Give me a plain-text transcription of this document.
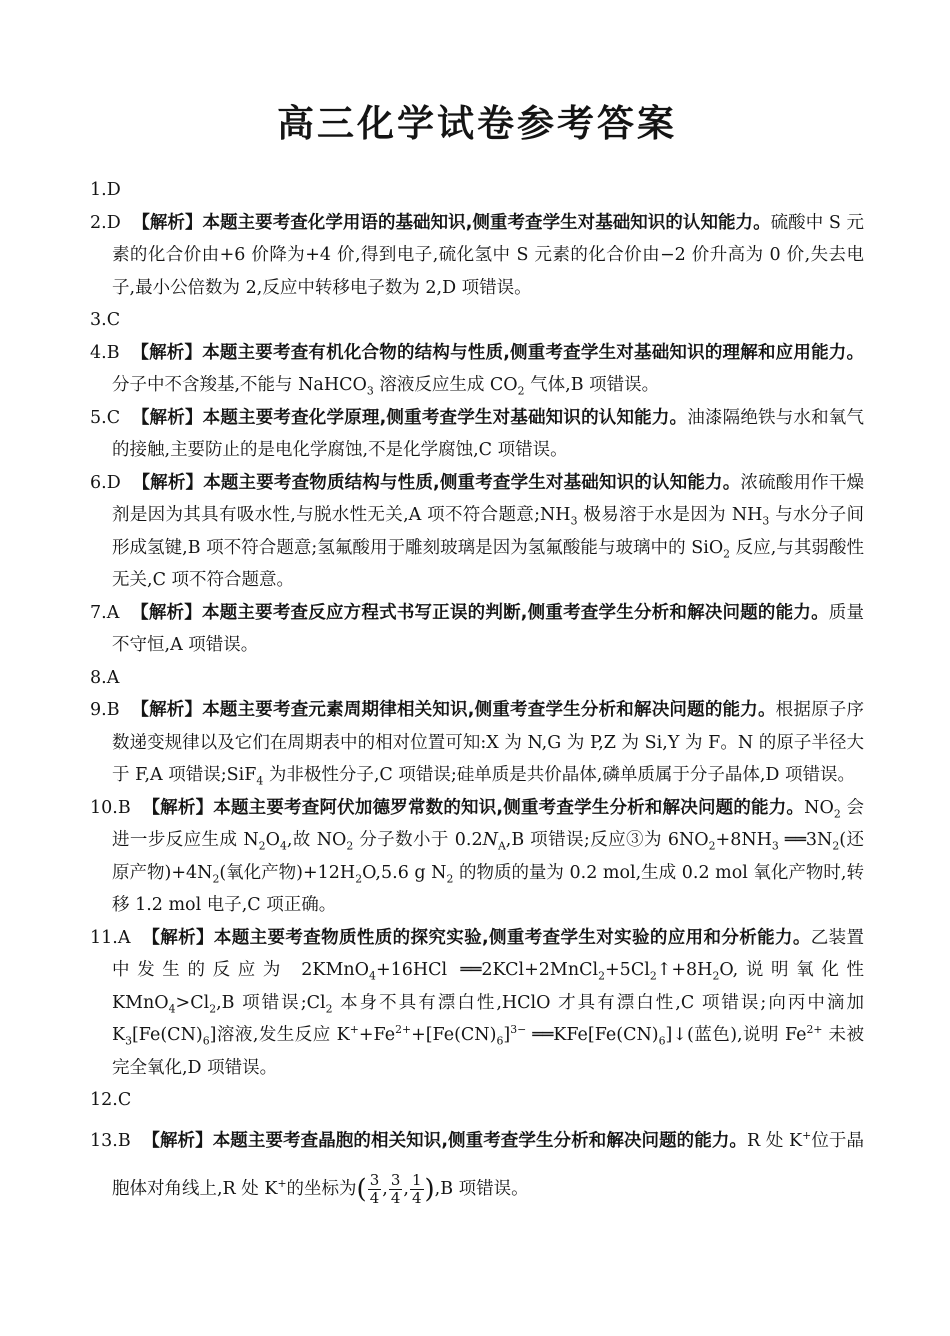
高三化学试卷参考答案

1.D

2.D 【解析】本题主要考查化学用语的基础知识,侧重考查学生对基础知识的认知能力。硫酸中 S 元素的化合价由+6 价降为+4 价,得到电子,硫化氢中 S 元素的化合价由−2 价升高为 0 价,失去电子,最小公倍数为 2,反应中转移电子数为 2,D 项错误。

3.C

4.B 【解析】本题主要考查有机化合物的结构与性质,侧重考查学生对基础知识的理解和应用能力。分子中不含羧基,不能与 NaHCO$_3$ 溶液反应生成 $CO_2$ 气体,B 项错误。

5.C 【解析】本题主要考查化学原理,侧重考查学生对基础知识的认知能力。油漆隔绝铁与水和氧气的接触,主要防止的是电化学腐蚀,不是化学腐蚀,C 项错误。

6.D 【解析】本题主要考查物质结构与性质,侧重考查学生对基础知识的认知能力。浓硫酸用作干燥剂是因为其具有吸水性,与脱水性无关,A 项不符合题意$;NH_3$ 极易溶于水是因为 $NH_3$ 与水分子间形成氢键,B 项不符合题意;氢氟酸用于雕刻玻璃是因为氢氟酸能与玻璃中的 SiO$_2$ 反应,与其弱酸性无关,C 项不符合题意。

7.A 【解析】本题主要考查反应方程式书写正误的判断,侧重考查学生分析和解决问题的能力。质量不守恒,A 项错误。

8.A

9.B 【解析】本题主要考查元素周期律相关知识,侧重考查学生分析和解决问题的能力。根据原子序数递变规律以及它们在周期表中的相对位置可知:X 为 N,G 为 P,Z 为 Si,Y 为 F。N 的原子半径大于 F,A 项错误;SiF$_4$ 为非极性分子,C 项错误;硅单质是共价晶体,磷单质属于分子晶体,D 项错误。

10.B 【解析】本题主要考查阿伏加德罗常数的知识,侧重考查学生分析和解决问题的能力。$NO_2$ 会进一步反应生成 $N_2O_4$,故 $NO_2$ 分子数小于 $0.2N_A,B$ 项错误;反应③为 $6NO_2+8NH_3$ $══3N_2$(还原产物)$+4N_2$(氧化产物)$+12H_2O,5.6$ g $N_2$ 的物质的量为 0.2 mol,生成 0.2 mol 氧化产物时,转移 1.2 mol 电子,C 项正确。

11.A 【解析】本题主要考查物质性质的探究实验,侧重考查学生对实验的应用和分析能力。乙装置中发生的反应为 2KMnO$_4$+16HCl $══2KCl+2MnCl_2+5Cl_2↑+8H_2O$,说明氧化性 $KMnO_4>Cl_2,B$ 项错误$;Cl_2$ 本身不具有漂白性,HClO 才具有漂白性,C 项错误;向丙中滴加 $K_3[Fe(CN)_6]$溶液,发生反应 $K^++Fe^{2+}+[Fe(CN)_6]^{3-}$ $══KFe[Fe(CN)_6]↓$(蓝色),说明 $Fe^{2+}$ 未被完全氧化,D 项错误。

12.C

13.B 【解析】本题主要考查晶胞的相关知识,侧重考查学生分析和解决问题的能力。R 处 K+位于晶胞体对角线上,R 处 K+的坐标为( $\frac{3}{4}$ , $\frac{3}{4}$ , $\frac{1}{4} ),B$ 项错误。
